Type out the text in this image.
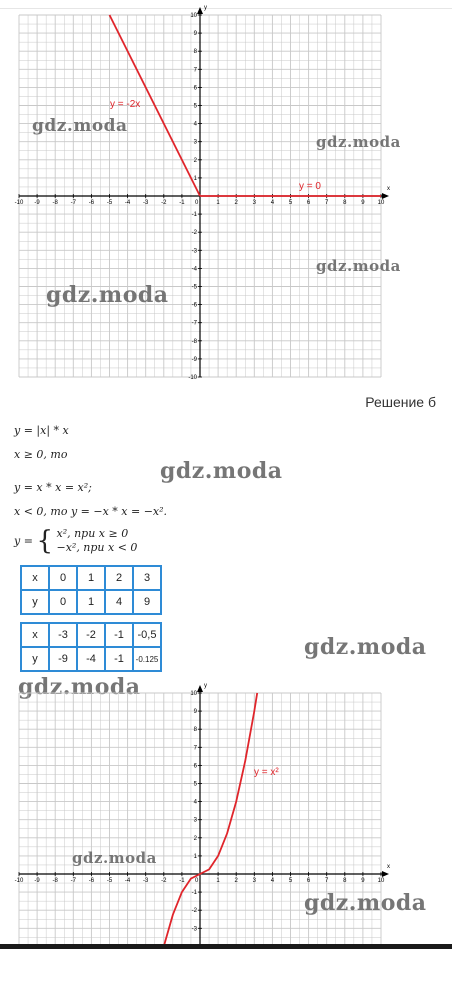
x
y
-10 -9 -8 -7 -6 -5 -4 -3 -2 -1 0	1 2 3 4 5 6 7 8 9 10
1
2
3
4
5
6
7
8
9
10
-1
-2
-3
-4
-5
-6
-7
-8
-9
-10
y = -2x
y = 0
gdz.moda
gdz.moda
gdz.moda
gdz.moda
Решение б
y = |x| * x
x ≥ 0, то
y = x * x = x²;
x < 0, то y = −x * x = −x².
y = { x², при x ≥ 0
−x², при x < 0
gdz.moda
x	0	1	2	3
y	0	1	4	9
x	-3	-2	-1	-0,5
y	-9	-4	-1	-0.125	gdz.moda
gdz.moda
x
y
-10 -9 -8 -7 -6 -5 -4 -3 -2 -1 0	1 2 3 4 5 6 7 8 9 10
1
2
3
4
5
6
7
8
9
10
-1
-2
-3
y = x²
gdz.moda
gdz.moda
